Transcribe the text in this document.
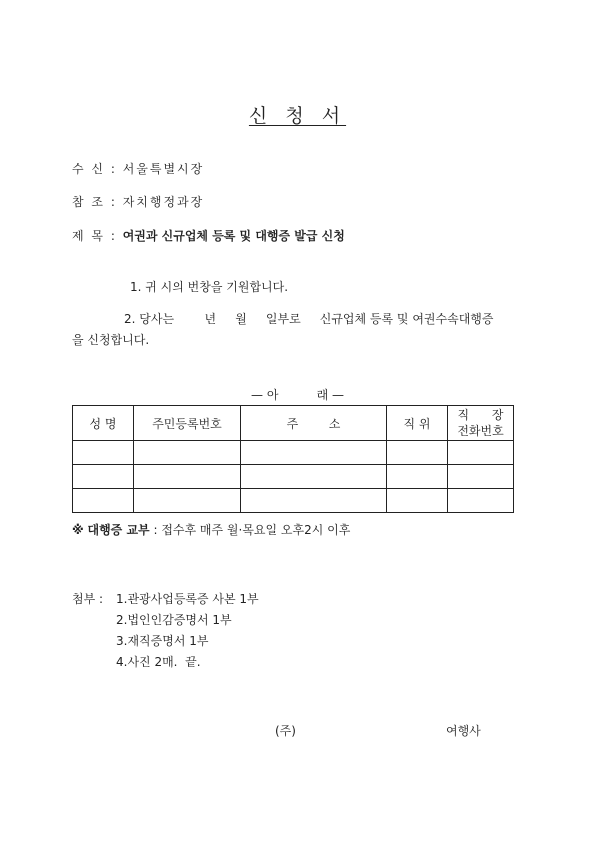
신 청 서
수 신 : 서울특별시장
참 조 : 자치행정과장
제 목 : 여권과 신규업체 등록 및 대행증 발급 신청
1. 귀 시의 번창을 기원합니다.
2. 당사는        년     월     일부로     신규업체 등록 및 여권수속대행증
을 신청합니다.
— 아          래 —
성 명	주민등록번호	주        소	직 위	직      장
전화번호

※ 대행증 교부 : 접수후 매주 월·목요일 오후2시 이후
첨부 : 1.관광사업등록증 사본 1부
2.법인인감증명서 1부
3.재직증명서 1부
4.사진 2매.  끝.
(주)	여행사
